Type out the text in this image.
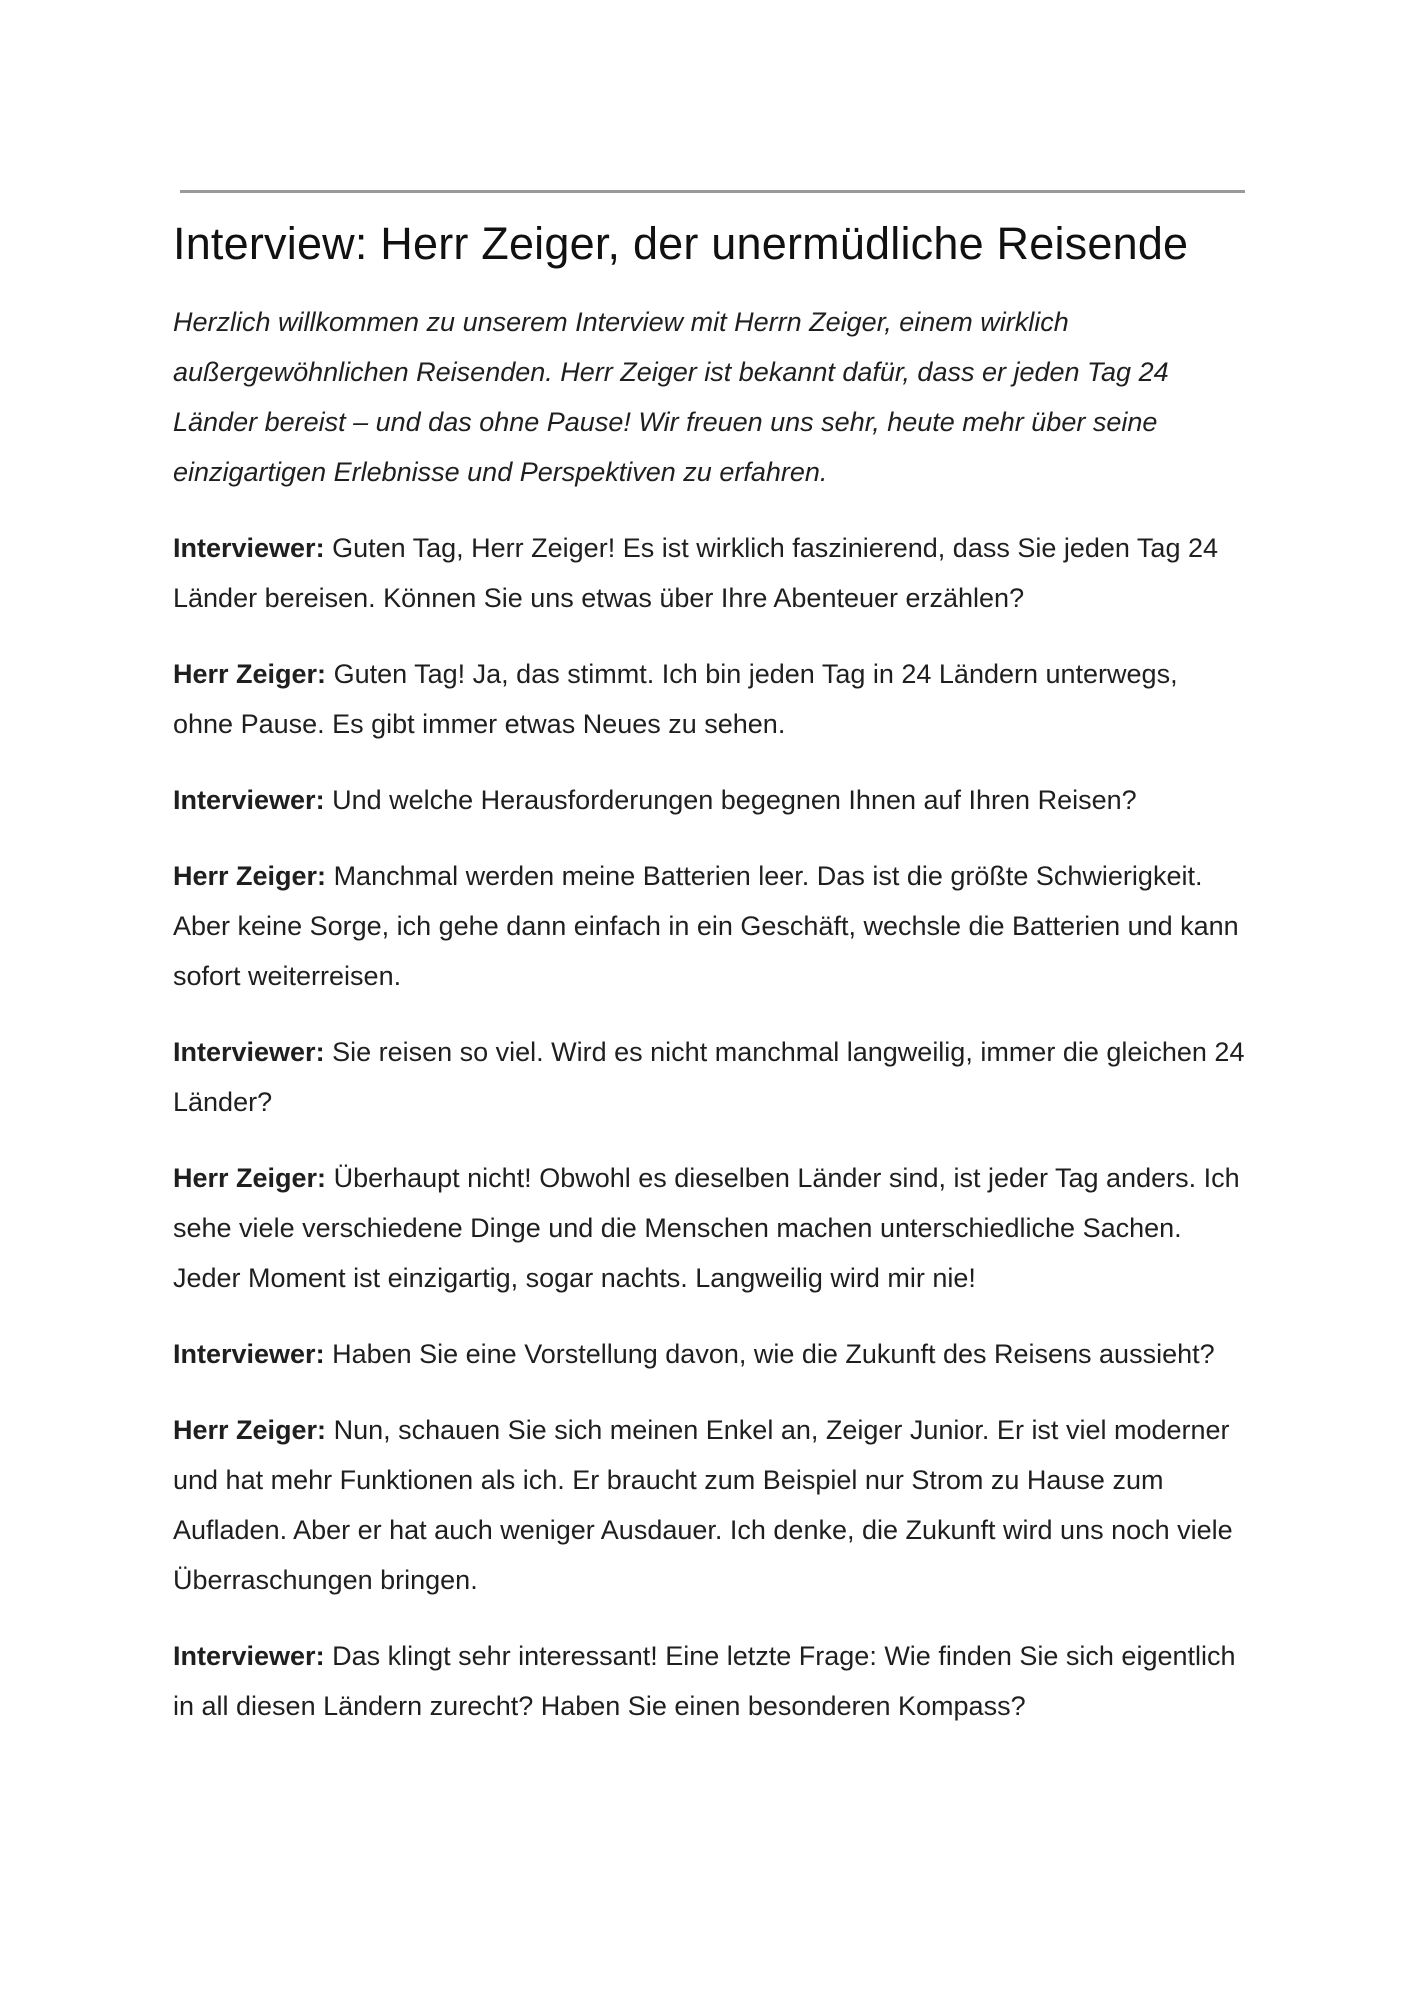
Interview: Herr Zeiger, der unermüdliche Reisende

Herzlich willkommen zu unserem Interview mit Herrn Zeiger, einem wirklich außergewöhnlichen Reisenden. Herr Zeiger ist bekannt dafür, dass er jeden Tag 24 Länder bereist – und das ohne Pause! Wir freuen uns sehr, heute mehr über seine einzigartigen Erlebnisse und Perspektiven zu erfahren.

Interviewer: Guten Tag, Herr Zeiger! Es ist wirklich faszinierend, dass Sie jeden Tag 24 Länder bereisen. Können Sie uns etwas über Ihre Abenteuer erzählen?

Herr Zeiger: Guten Tag! Ja, das stimmt. Ich bin jeden Tag in 24 Ländern unterwegs, ohne Pause. Es gibt immer etwas Neues zu sehen.

Interviewer: Und welche Herausforderungen begegnen Ihnen auf Ihren Reisen?

Herr Zeiger: Manchmal werden meine Batterien leer. Das ist die größte Schwierigkeit. Aber keine Sorge, ich gehe dann einfach in ein Geschäft, wechsle die Batterien und kann sofort weiterreisen.

Interviewer: Sie reisen so viel. Wird es nicht manchmal langweilig, immer die gleichen 24 Länder?

Herr Zeiger: Überhaupt nicht! Obwohl es dieselben Länder sind, ist jeder Tag anders. Ich sehe viele verschiedene Dinge und die Menschen machen unterschiedliche Sachen. Jeder Moment ist einzigartig, sogar nachts. Langweilig wird mir nie!

Interviewer: Haben Sie eine Vorstellung davon, wie die Zukunft des Reisens aussieht?

Herr Zeiger: Nun, schauen Sie sich meinen Enkel an, Zeiger Junior. Er ist viel moderner und hat mehr Funktionen als ich. Er braucht zum Beispiel nur Strom zu Hause zum Aufladen. Aber er hat auch weniger Ausdauer. Ich denke, die Zukunft wird uns noch viele Überraschungen bringen.

Interviewer: Das klingt sehr interessant! Eine letzte Frage: Wie finden Sie sich eigentlich in all diesen Ländern zurecht? Haben Sie einen besonderen Kompass?
